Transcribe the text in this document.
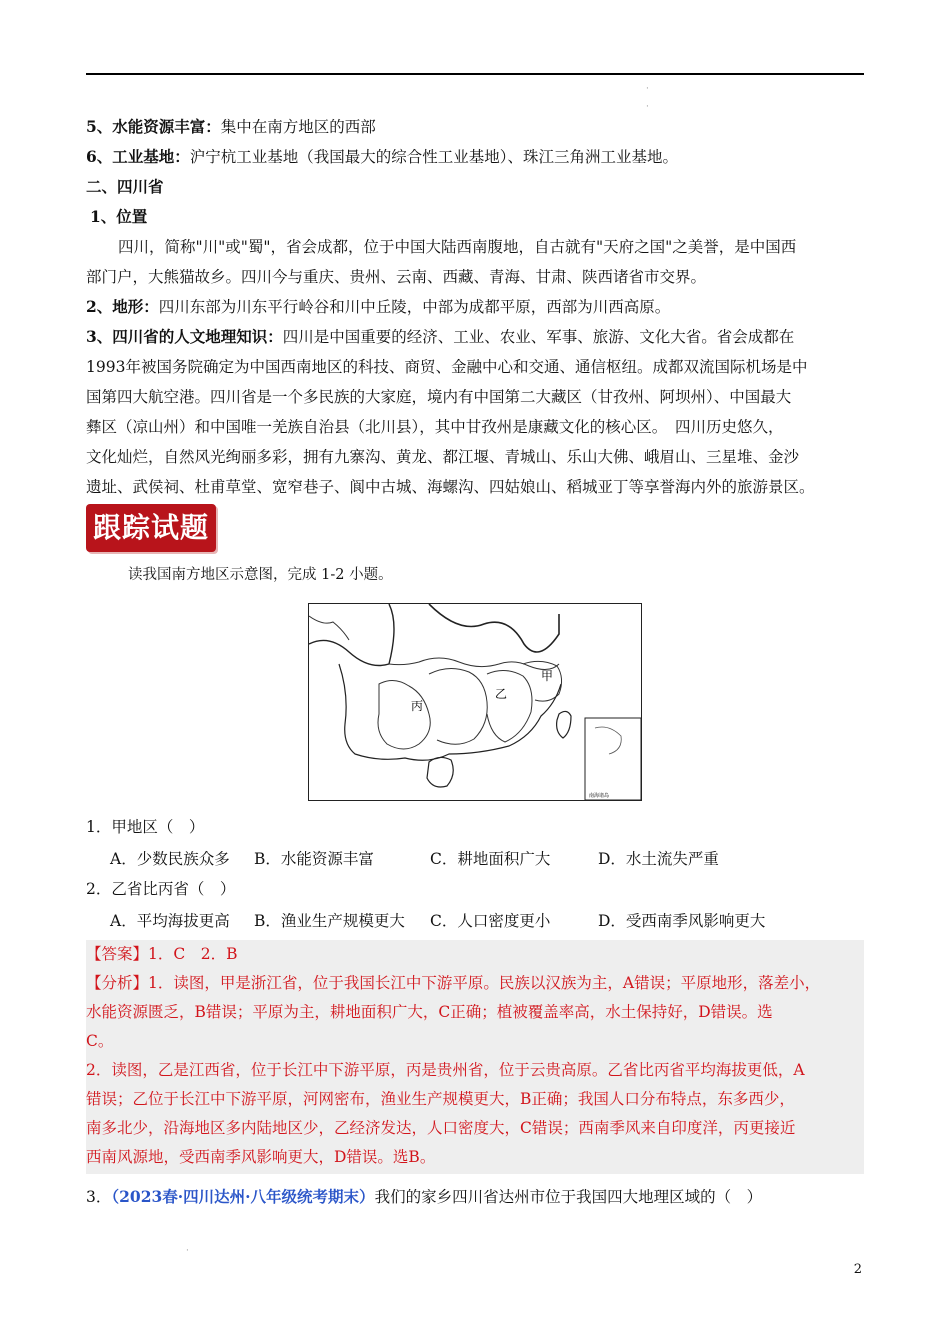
·
·
5、水能资源丰富：集中在南方地区的西部
6、工业基地：沪宁杭工业基地（我国最大的综合性工业基地）、珠江三角洲工业基地。
二、四川省
1、位置
四川，简称"川"或"蜀"，省会成都，位于中国大陆西南腹地，自古就有"天府之国"之美誉，是中国西
部门户，大熊猫故乡。四川今与重庆、贵州、云南、西藏、青海、甘肃、陕西诸省市交界。
2、地形：四川东部为川东平行岭谷和川中丘陵，中部为成都平原，西部为川西高原。
3、四川省的人文地理知识：四川是中国重要的经济、工业、农业、军事、旅游、文化大省。省会成都在
1993年被国务院确定为中国西南地区的科技、商贸、金融中心和交通、通信枢纽。成都双流国际机场是中
国第四大航空港。四川省是一个多民族的大家庭，境内有中国第二大藏区（甘孜州、阿坝州）、中国最大
彝区（凉山州）和中国唯一羌族自治县（北川县），其中甘孜州是康藏文化的核心区。　四川历史悠久，
文化灿烂，自然风光绚丽多彩，拥有九寨沟、黄龙、都江堰、青城山、乐山大佛、峨眉山、三星堆、金沙
遗址、武侯祠、杜甫草堂、宽窄巷子、阆中古城、海螺沟、四姑娘山、稻城亚丁等享誉海内外的旅游景区。
跟踪试题
读我国南方地区示意图，完成 1-2 小题。
甲
乙
丙
南海诸岛
1．甲地区（　）
A．少数民族众多 B．水能资源丰富	C．耕地面积广大	D．水土流失严重
2．乙省比丙省（　）
A．平均海拔更高 B．渔业生产规模更大 C．人口密度更小	D．受西南季风影响更大
【答案】1．C　2．B
【分析】1．读图，甲是浙江省，位于我国长江中下游平原。民族以汉族为主，A错误；平原地形，落差小，
水能资源匮乏，B错误；平原为主，耕地面积广大，C正确；植被覆盖率高，水土保持好，D错误。选
C。
2．读图，乙是江西省，位于长江中下游平原，丙是贵州省，位于云贵高原。乙省比丙省平均海拔更低，A
错误；乙位于长江中下游平原，河网密布，渔业生产规模更大，B正确；我国人口分布特点，东多西少，
南多北少，沿海地区多内陆地区少，乙经济发达，人口密度大，C错误；西南季风来自印度洋，丙更接近
西南风源地，受西南季风影响更大，D错误。选B。
3．（2023春·四川达州·八年级统考期末）我们的家乡四川省达州市位于我国四大地理区域的（　）
·
2
